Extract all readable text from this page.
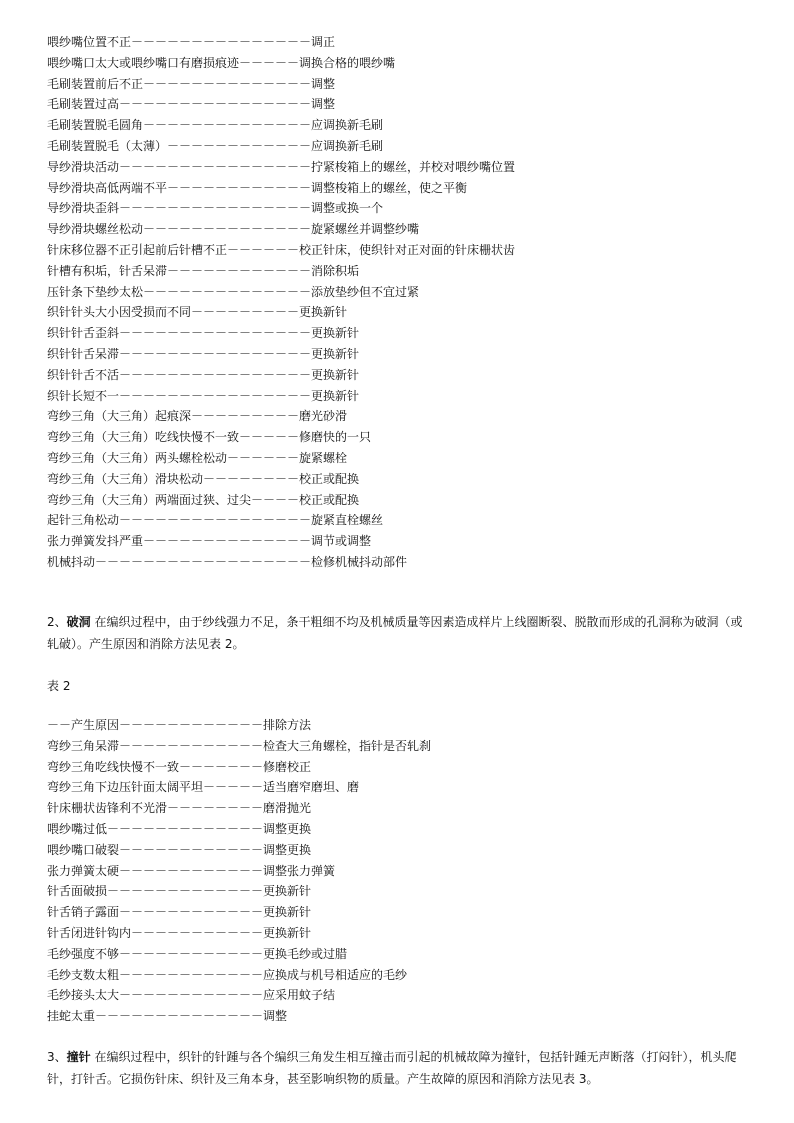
喂纱嘴位置不正－－－－－－－－－－－－－－－调正
喂纱嘴口太大或喂纱嘴口有磨损痕迹－－－－－调换合格的喂纱嘴
毛刷装置前后不正－－－－－－－－－－－－－－调整
毛刷装置过高－－－－－－－－－－－－－－－－调整
毛刷装置脱毛圆角－－－－－－－－－－－－－－应调换新毛刷
毛刷装置脱毛（太薄）－－－－－－－－－－－－应调换新毛刷
导纱滑块活动－－－－－－－－－－－－－－－－拧紧梭箱上的螺丝，并校对喂纱嘴位置
导纱滑块高低两端不平－－－－－－－－－－－－调整梭箱上的螺丝，使之平衡
导纱滑块歪斜－－－－－－－－－－－－－－－－调整或换一个
导纱滑块螺丝松动－－－－－－－－－－－－－－旋紧螺丝并调整纱嘴
针床移位器不正引起前后针槽不正－－－－－－校正针床，使织针对正对面的针床栅状齿
针槽有积垢，针舌呆滞－－－－－－－－－－－－消除积垢
压针条下垫纱太松－－－－－－－－－－－－－－添放垫纱但不宜过紧
织针针头大小因受损而不同－－－－－－－－－更换新针
织针针舌歪斜－－－－－－－－－－－－－－－－更换新针
织针针舌呆滞－－－－－－－－－－－－－－－－更换新针
织针针舌不活－－－－－－－－－－－－－－－－更换新针
织针长短不一－－－－－－－－－－－－－－－－更换新针
弯纱三角（大三角）起痕深－－－－－－－－－磨光砂滑
弯纱三角（大三角）吃线快慢不一致－－－－－修磨快的一只
弯纱三角（大三角）两头螺栓松动－－－－－－旋紧螺栓
弯纱三角（大三角）滑块松动－－－－－－－－校正或配换
弯纱三角（大三角）两端面过狭、过尖－－－－校正或配换
起针三角松动－－－－－－－－－－－－－－－－旋紧直栓螺丝
张力弹簧发抖严重－－－－－－－－－－－－－－调节或调整
机械抖动－－－－－－－－－－－－－－－－－－检修机械抖动部件

2、破洞 在编织过程中，由于纱线强力不足，条干粗细不均及机械质量等因素造成样片上线圈断裂、脱散而形成的孔洞称为破洞（或轧破）。产生原因和消除方法见表 2。

表 2

－－产生原因－－－－－－－－－－－－排除方法
弯纱三角呆滞－－－－－－－－－－－－检查大三角螺栓，指针是否轧刹
弯纱三角吃线快慢不一致－－－－－－－修磨校正
弯纱三角下边压针面太阔平坦－－－－－适当磨窄磨坦、磨
针床栅状齿锋利不光滑－－－－－－－－磨滑抛光
喂纱嘴过低－－－－－－－－－－－－－调整更换
喂纱嘴口破裂－－－－－－－－－－－－调整更换
张力弹簧太硬－－－－－－－－－－－－调整张力弹簧
针舌面破损－－－－－－－－－－－－－更换新针
针舌销子露面－－－－－－－－－－－－更换新针
针舌闭进针钩内－－－－－－－－－－－更换新针
毛纱强度不够－－－－－－－－－－－－更换毛纱或过腊
毛纱支数太粗－－－－－－－－－－－－应换成与机号相适应的毛纱
毛纱接头太大－－－－－－－－－－－－应采用蚊子结
挂蛇太重－－－－－－－－－－－－－－调整

3、撞针 在编织过程中，织针的针踵与各个编织三角发生相互撞击而引起的机械故障为撞针，包括针踵无声断落（打闷针），机头爬针，打针舌。它损伤针床、织针及三角本身，甚至影响织物的质量。产生故障的原因和消除方法见表 3。
